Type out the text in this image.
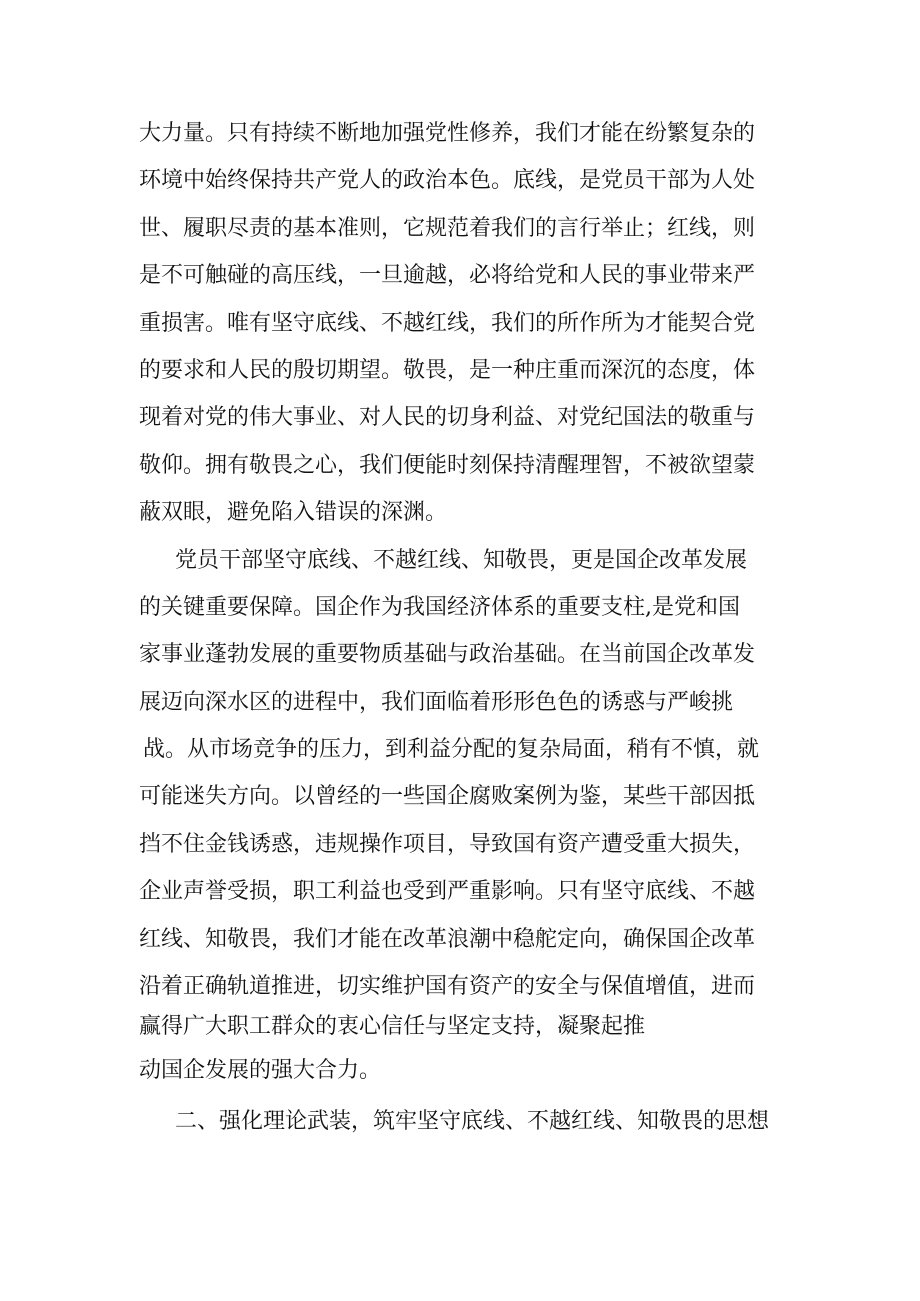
大力量。只有持续不断地加强党性修养，我们才能在纷繁复杂的
环境中始终保持共产党人的政治本色。底线，是党员干部为人处
世、履职尽责的基本准则，它规范着我们的言行举止；红线，则
是不可触碰的高压线，一旦逾越，必将给党和人民的事业带来严
重损害。唯有坚守底线、不越红线，我们的所作所为才能契合党
的要求和人民的殷切期望。敬畏，是一种庄重而深沉的态度，体
现着对党的伟大事业、对人民的切身利益、对党纪国法的敬重与
敬仰。拥有敬畏之心，我们便能时刻保持清醒理智，不被欲望蒙
蔽双眼，避免陷入错误的深渊。
党员干部坚守底线、不越红线、知敬畏，更是国企改革发展
的关键重要保障。国企作为我国经济体系的重要支柱,是党和国
家事业蓬勃发展的重要物质基础与政治基础。在当前国企改革发
展迈向深水区的进程中，我们面临着形形色色的诱惑与严峻挑
战。从市场竞争的压力，到利益分配的复杂局面，稍有不慎，就
可能迷失方向。以曾经的一些国企腐败案例为鉴，某些干部因抵
挡不住金钱诱惑，违规操作项目，导致国有资产遭受重大损失，
企业声誉受损，职工利益也受到严重影响。只有坚守底线、不越
红线、知敬畏，我们才能在改革浪潮中稳舵定向，确保国企改革
沿着正确轨道推进，切实维护国有资产的安全与保值增值，进而
赢得广大职工群众的衷心信任与坚定支持，凝聚起推
动国企发展的强大合力。
二、强化理论武装，筑牢坚守底线、不越红线、知敬畏的思想
